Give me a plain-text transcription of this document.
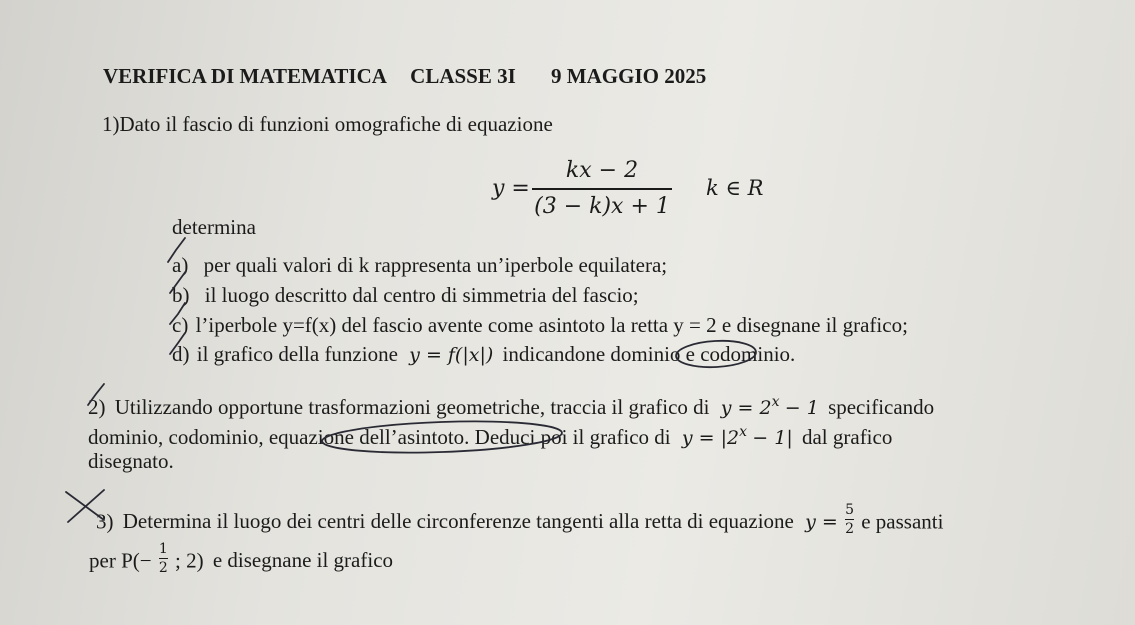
VERIFICA DI MATEMATICA CLASSE 3I 9 MAGGIO 2025
1)Dato il fascio di funzioni omografiche di equazione
y =
kx − 2
(3 − k)x + 1
k ∈ R
determina
a) per quali valori di k rappresenta un’iperbole equilatera;
b) il luogo descritto dal centro di simmetria del fascio;
c) l’iperbole y=f(x) del fascio avente come asintoto la retta y = 2 e disegnane il grafico;
d) il grafico della funzione y = f(|x|) indicandone dominio e codominio.
2) Utilizzando opportune trasformazioni geometriche, traccia il grafico di $y = 2^x - 1$ specificando
dominio, codominio, equazione dell’asintoto. Deduci poi il grafico di $y = |2^x - 1|$ dal grafico
disegnato.
3) Determina il luogo dei centri delle circonferenze tangenti alla retta di equazione $y = \frac{5}{2}$ e passanti
per $P(- \frac{1}{2}$ ; 2) e disegnane il grafico
